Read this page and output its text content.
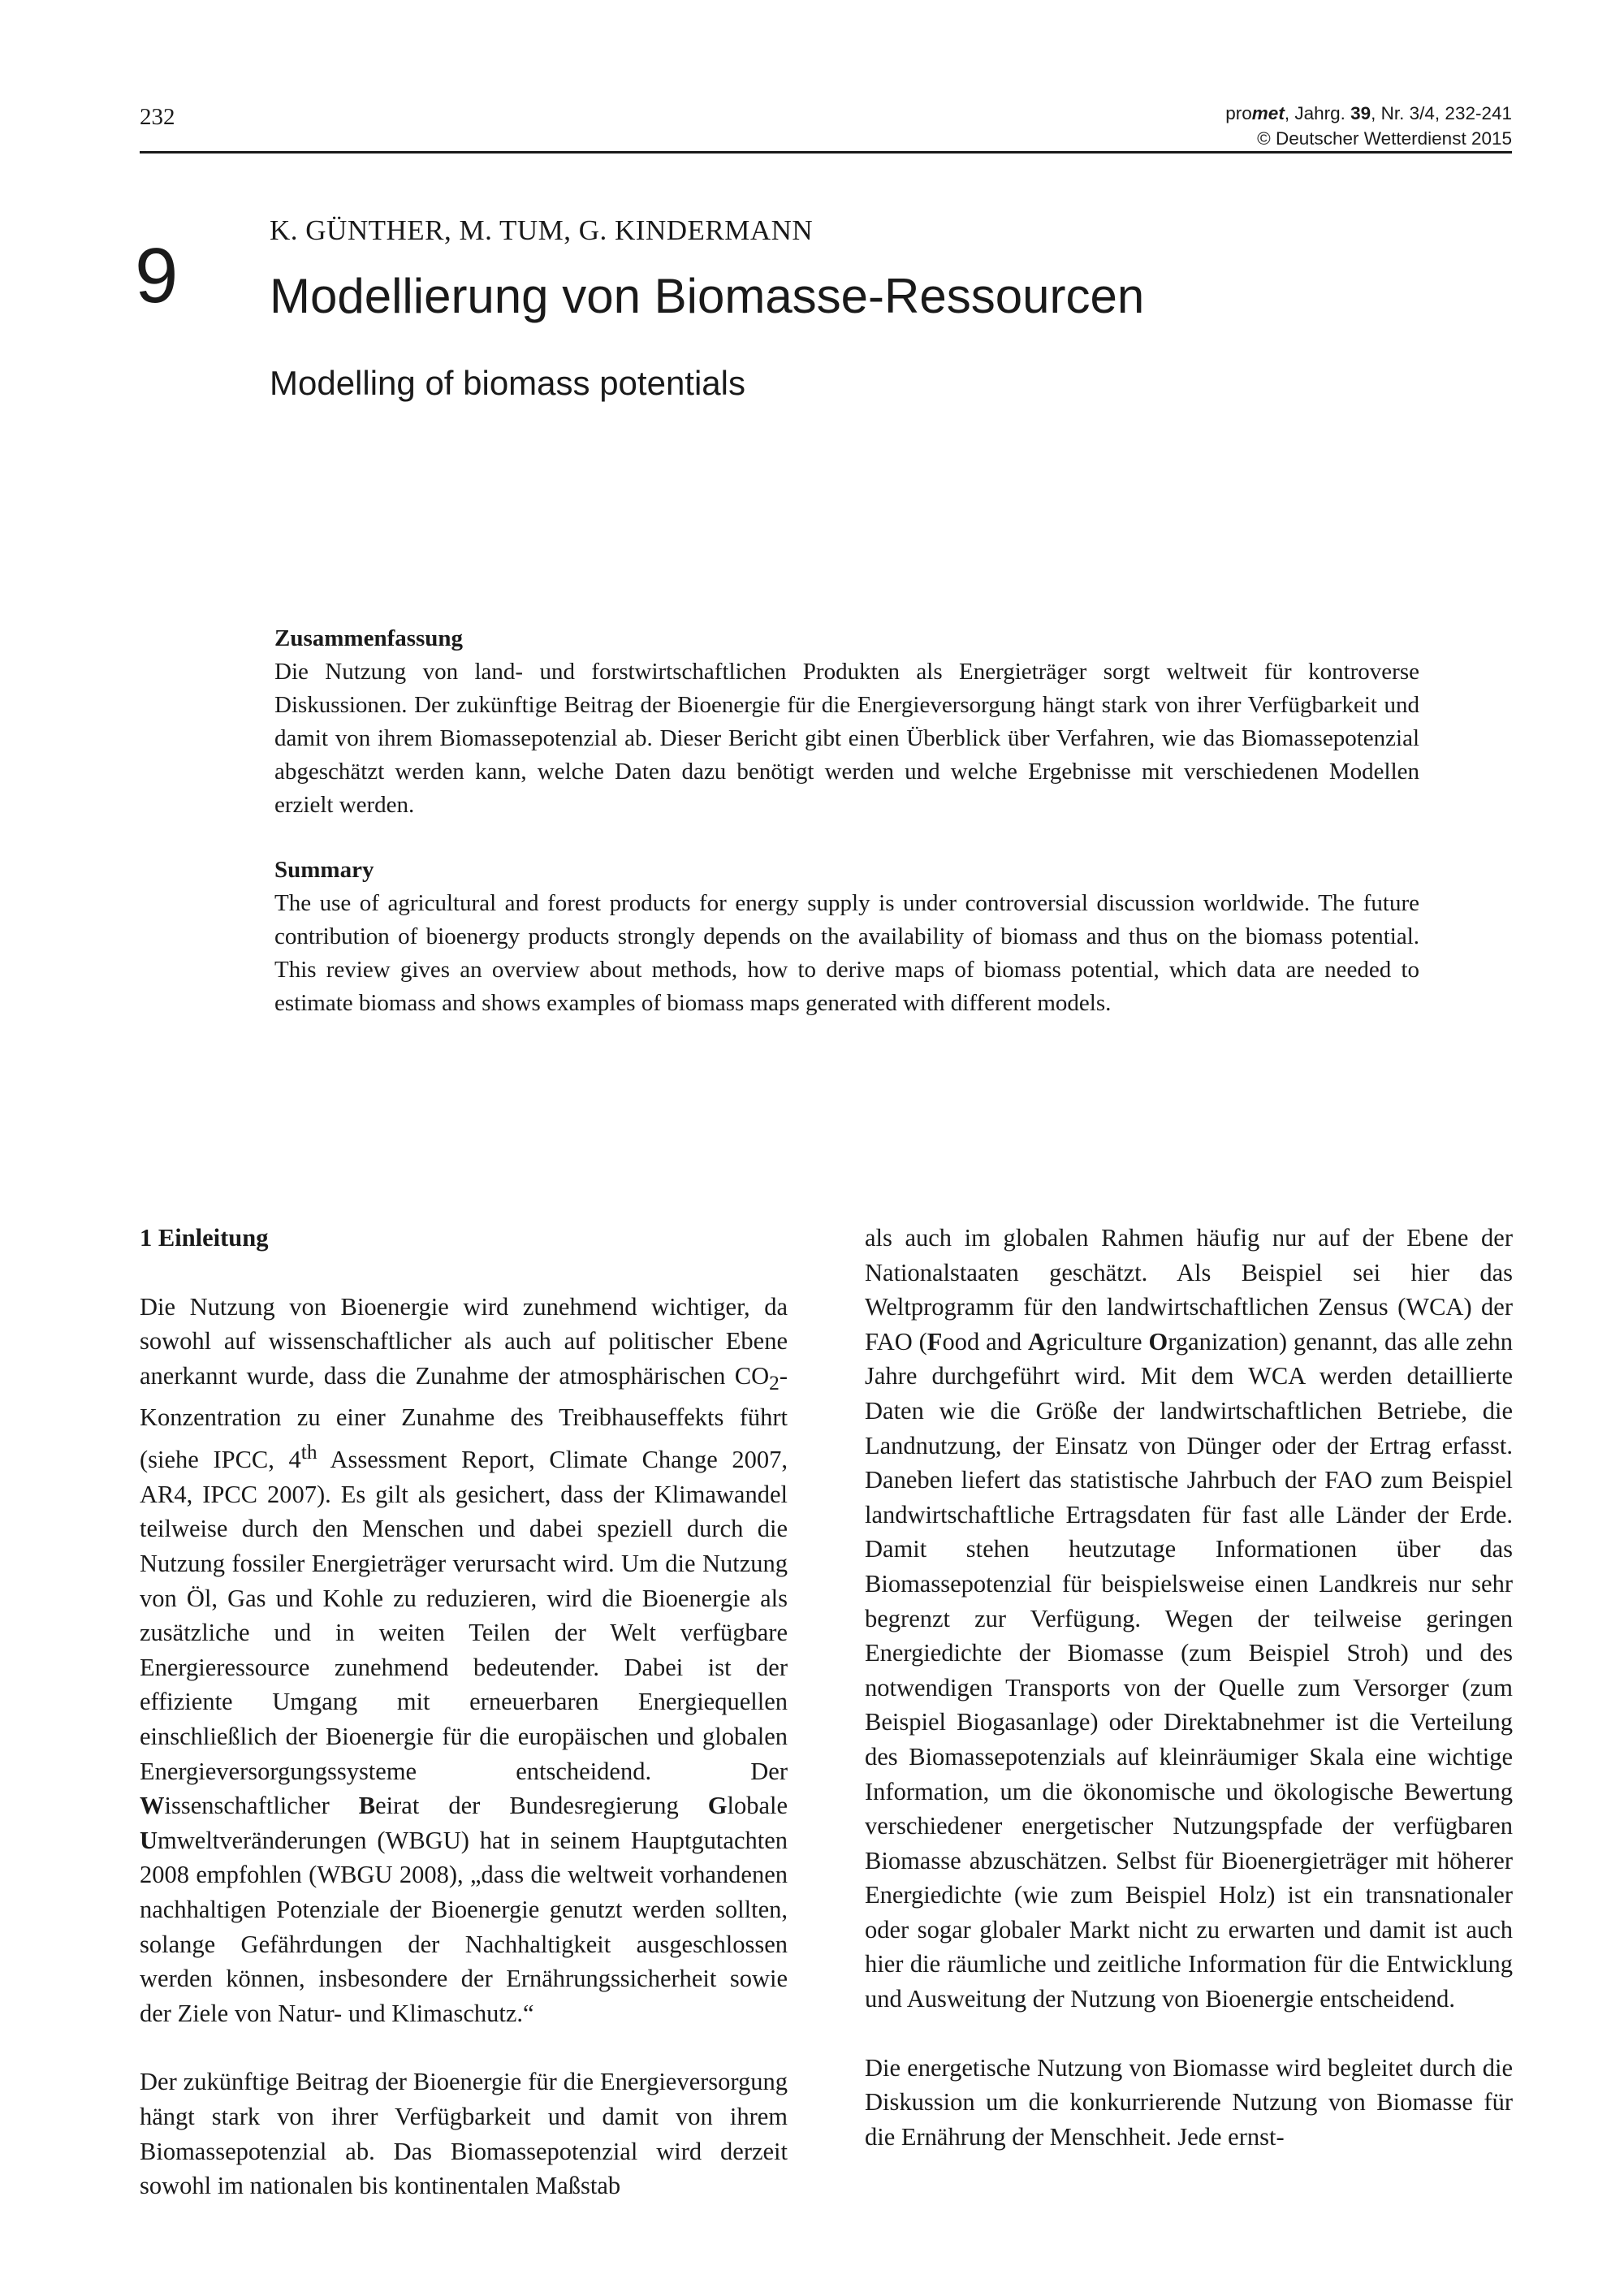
232	promet, Jahrg. 39, Nr. 3/4, 232-241
© Deutscher Wetterdienst 2015
9
K. GÜNTHER, M. TUM, G. KINDERMANN
Modellierung von Biomasse-Ressourcen
Modelling of biomass potentials
Zusammenfassung

Die Nutzung von land- und forstwirtschaftlichen Produkten als Energieträger sorgt weltweit für kontroverse Diskussionen. Der zukünftige Beitrag der Bioenergie für die Energieversorgung hängt stark von ihrer Verfügbarkeit und damit von ihrem Biomassepotenzial ab. Dieser Bericht gibt einen Überblick über Verfahren, wie das Biomassepotenzial abgeschätzt werden kann, welche Daten dazu benötigt werden und welche Ergebnisse mit verschiedenen Modellen erzielt werden.

Summary

The use of agricultural and forest products for energy supply is under controversial discussion worldwide. The future contribution of bioenergy products strongly depends on the availability of biomass and thus on the biomass potential. This review gives an overview about methods, how to derive maps of biomass potential, which data are needed to estimate biomass and shows examples of biomass maps generated with different models.

1 Einleitung

Die Nutzung von Bioenergie wird zunehmend wichtiger, da sowohl auf wissenschaftlicher als auch auf politischer Ebene anerkannt wurde, dass die Zunahme der atmosphärischen $CO_2$-Konzentration zu einer Zunahme des Treibhauseffekts führt (siehe IPCC, 4th Assessment Report, Climate Change 2007, AR4, IPCC 2007). Es gilt als gesichert, dass der Klimawandel teilweise durch den Menschen und dabei speziell durch die Nutzung fossiler Energieträger verursacht wird. Um die Nutzung von Öl, Gas und Kohle zu reduzieren, wird die Bioenergie als zusätzliche und in weiten Teilen der Welt verfügbare Energieressource zunehmend bedeutender. Dabei ist der effiziente Umgang mit erneuerbaren Energiequellen einschließlich der Bioenergie für die europäischen und globalen Energieversorgungssysteme entscheidend. Der Wissenschaftlicher Beirat der Bundesregierung Globale Umweltveränderungen (WBGU) hat in seinem Hauptgutachten 2008 empfohlen (WBGU 2008), „dass die weltweit vorhandenen nachhaltigen Potenziale der Bioenergie genutzt werden sollten, solange Gefährdungen der Nachhaltigkeit ausgeschlossen werden können, insbesondere der Ernährungssicherheit sowie der Ziele von Natur- und Klimaschutz.“

Der zukünftige Beitrag der Bioenergie für die Energieversorgung hängt stark von ihrer Verfügbarkeit und damit von ihrem Biomassepotenzial ab. Das Biomassepotenzial wird derzeit sowohl im nationalen bis kontinentalen Maßstab

als auch im globalen Rahmen häufig nur auf der Ebene der Nationalstaaten geschätzt. Als Beispiel sei hier das Weltprogramm für den landwirtschaftlichen Zensus (WCA) der FAO (Food and Agriculture Organization) genannt, das alle zehn Jahre durchgeführt wird. Mit dem WCA werden detaillierte Daten wie die Größe der landwirtschaftlichen Betriebe, die Landnutzung, der Einsatz von Dünger oder der Ertrag erfasst. Daneben liefert das statistische Jahrbuch der FAO zum Beispiel landwirtschaftliche Ertragsdaten für fast alle Länder der Erde. Damit stehen heutzutage Informationen über das Biomassepotenzial für beispielsweise einen Landkreis nur sehr begrenzt zur Verfügung. Wegen der teilweise geringen Energiedichte der Biomasse (zum Beispiel Stroh) und des notwendigen Transports von der Quelle zum Versorger (zum Beispiel Biogasanlage) oder Direktabnehmer ist die Verteilung des Biomassepotenzials auf kleinräumiger Skala eine wichtige Information, um die ökonomische und ökologische Bewertung verschiedener energetischer Nutzungspfade der verfügbaren Biomasse abzuschätzen. Selbst für Bioenergieträger mit höherer Energiedichte (wie zum Beispiel Holz) ist ein transnationaler oder sogar globaler Markt nicht zu erwarten und damit ist auch hier die räumliche und zeitliche Information für die Entwicklung und Ausweitung der Nutzung von Bioenergie entscheidend.

Die energetische Nutzung von Biomasse wird begleitet durch die Diskussion um die konkurrierende Nutzung von Biomasse für die Ernährung der Menschheit. Jede ernst-
